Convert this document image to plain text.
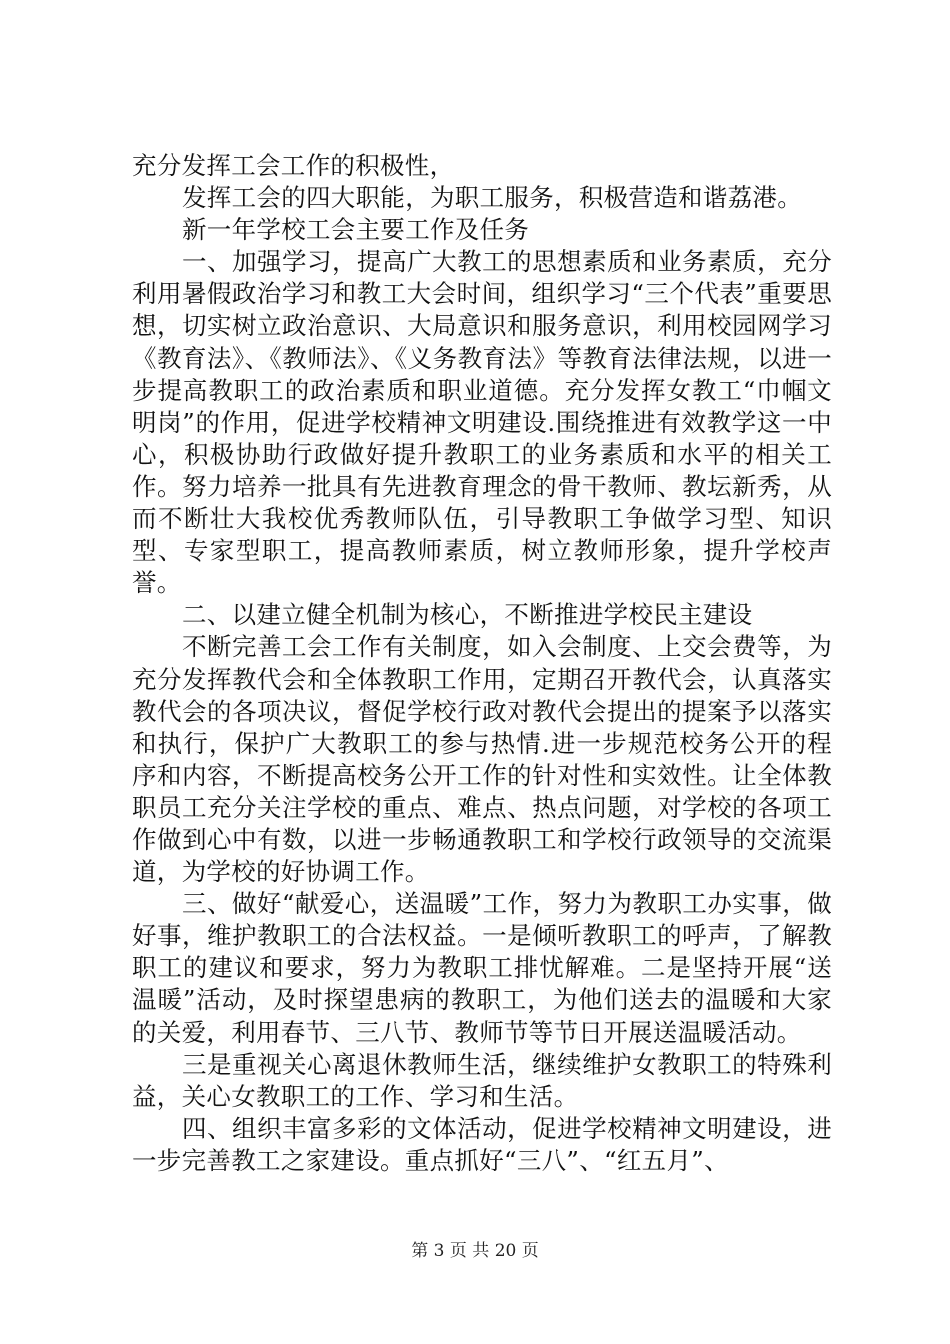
充分发挥工会工作的积极性，

发挥工会的四大职能，为职工服务，积极营造和谐荔港。

新一年学校工会主要工作及任务

一、加强学习，提高广大教工的思想素质和业务素质，充分利用暑假政治学习和教工大会时间，组织学习“三个代表”重要思想，切实树立政治意识、大局意识和服务意识，利用校园网学习《教育法》、《教师法》、《义务教育法》等教育法律法规，以进一步提高教职工的政治素质和职业道德。充分发挥女教工“巾帼文明岗”的作用，促进学校精神文明建设.围绕推进有效教学这一中心，积极协助行政做好提升教职工的业务素质和水平的相关工作。努力培养一批具有先进教育理念的骨干教师、教坛新秀，从而不断壮大我校优秀教师队伍，引导教职工争做学习型、知识型、专家型职工，提高教师素质，树立教师形象，提升学校声誉。

二、以建立健全机制为核心，不断推进学校民主建设

不断完善工会工作有关制度，如入会制度、上交会费等，为充分发挥教代会和全体教职工作用，定期召开教代会，认真落实教代会的各项决议，督促学校行政对教代会提出的提案予以落实和执行，保护广大教职工的参与热情.进一步规范校务公开的程序和内容，不断提高校务公开工作的针对性和实效性。让全体教职员工充分关注学校的重点、难点、热点问题，对学校的各项工作做到心中有数，以进一步畅通教职工和学校行政领导的交流渠道，为学校的好协调工作。

三、做好“献爱心，送温暖”工作，努力为教职工办实事，做好事，维护教职工的合法权益。一是倾听教职工的呼声，了解教职工的建议和要求，努力为教职工排忧解难。二是坚持开展“送温暖”活动，及时探望患病的教职工，为他们送去的温暖和大家的关爱，利用春节、三八节、教师节等节日开展送温暖活动。

三是重视关心离退休教师生活，继续维护女教职工的特殊利益，关心女教职工的工作、学习和生活。

四、组织丰富多彩的文体活动，促进学校精神文明建设，进一步完善教工之家建设。重点抓好“三八”、“红五月”、

第 3 页 共 20 页
